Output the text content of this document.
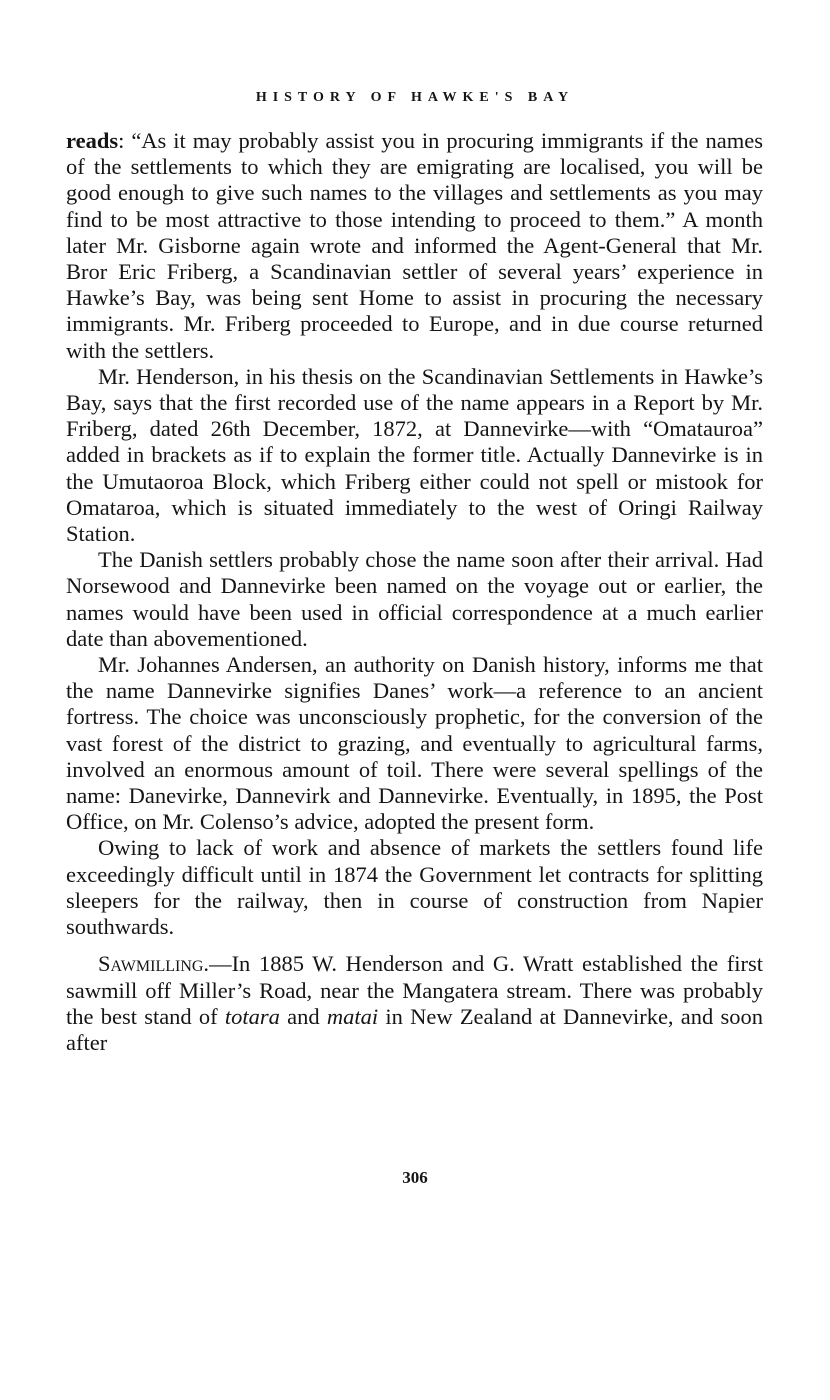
HISTORY OF HAWKE'S BAY

reads: “As it may probably assist you in procuring immigrants if the names of the settlements to which they are emigrating are localised, you will be good enough to give such names to the villages and settlements as you may find to be most attractive to those intending to proceed to them.” A month later Mr. Gisborne again wrote and informed the Agent-General that Mr. Bror Eric Friberg, a Scandinavian settler of several years’ experience in Hawke’s Bay, was being sent Home to assist in procuring the necessary immigrants. Mr. Friberg proceeded to Europe, and in due course returned with the settlers.

Mr. Henderson, in his thesis on the Scandinavian Settlements in Hawke’s Bay, says that the first recorded use of the name appears in a Report by Mr. Friberg, dated 26th December, 1872, at Dannevirke—with “Omatauroa” added in brackets as if to explain the former title. Actually Dannevirke is in the Umutaoroa Block, which Friberg either could not spell or mistook for Omataroa, which is situated immediately to the west of Oringi Railway Station.

The Danish settlers probably chose the name soon after their arrival. Had Norsewood and Dannevirke been named on the voyage out or earlier, the names would have been used in official correspondence at a much earlier date than abovementioned.

Mr. Johannes Andersen, an authority on Danish history, informs me that the name Dannevirke signifies Danes’ work—a reference to an ancient fortress. The choice was unconsciously prophetic, for the conversion of the vast forest of the district to grazing, and eventually to agricultural farms, involved an enormous amount of toil. There were several spellings of the name: Danevirke, Dannevirk and Dannevirke. Eventually, in 1895, the Post Office, on Mr. Colenso’s advice, adopted the present form.

Owing to lack of work and absence of markets the settlers found life exceedingly difficult until in 1874 the Government let contracts for splitting sleepers for the railway, then in course of construction from Napier southwards.

Sawmilling.—In 1885 W. Henderson and G. Wratt established the first sawmill off Miller’s Road, near the Mangatera stream. There was probably the best stand of totara and matai in New Zealand at Dannevirke, and soon after

306
